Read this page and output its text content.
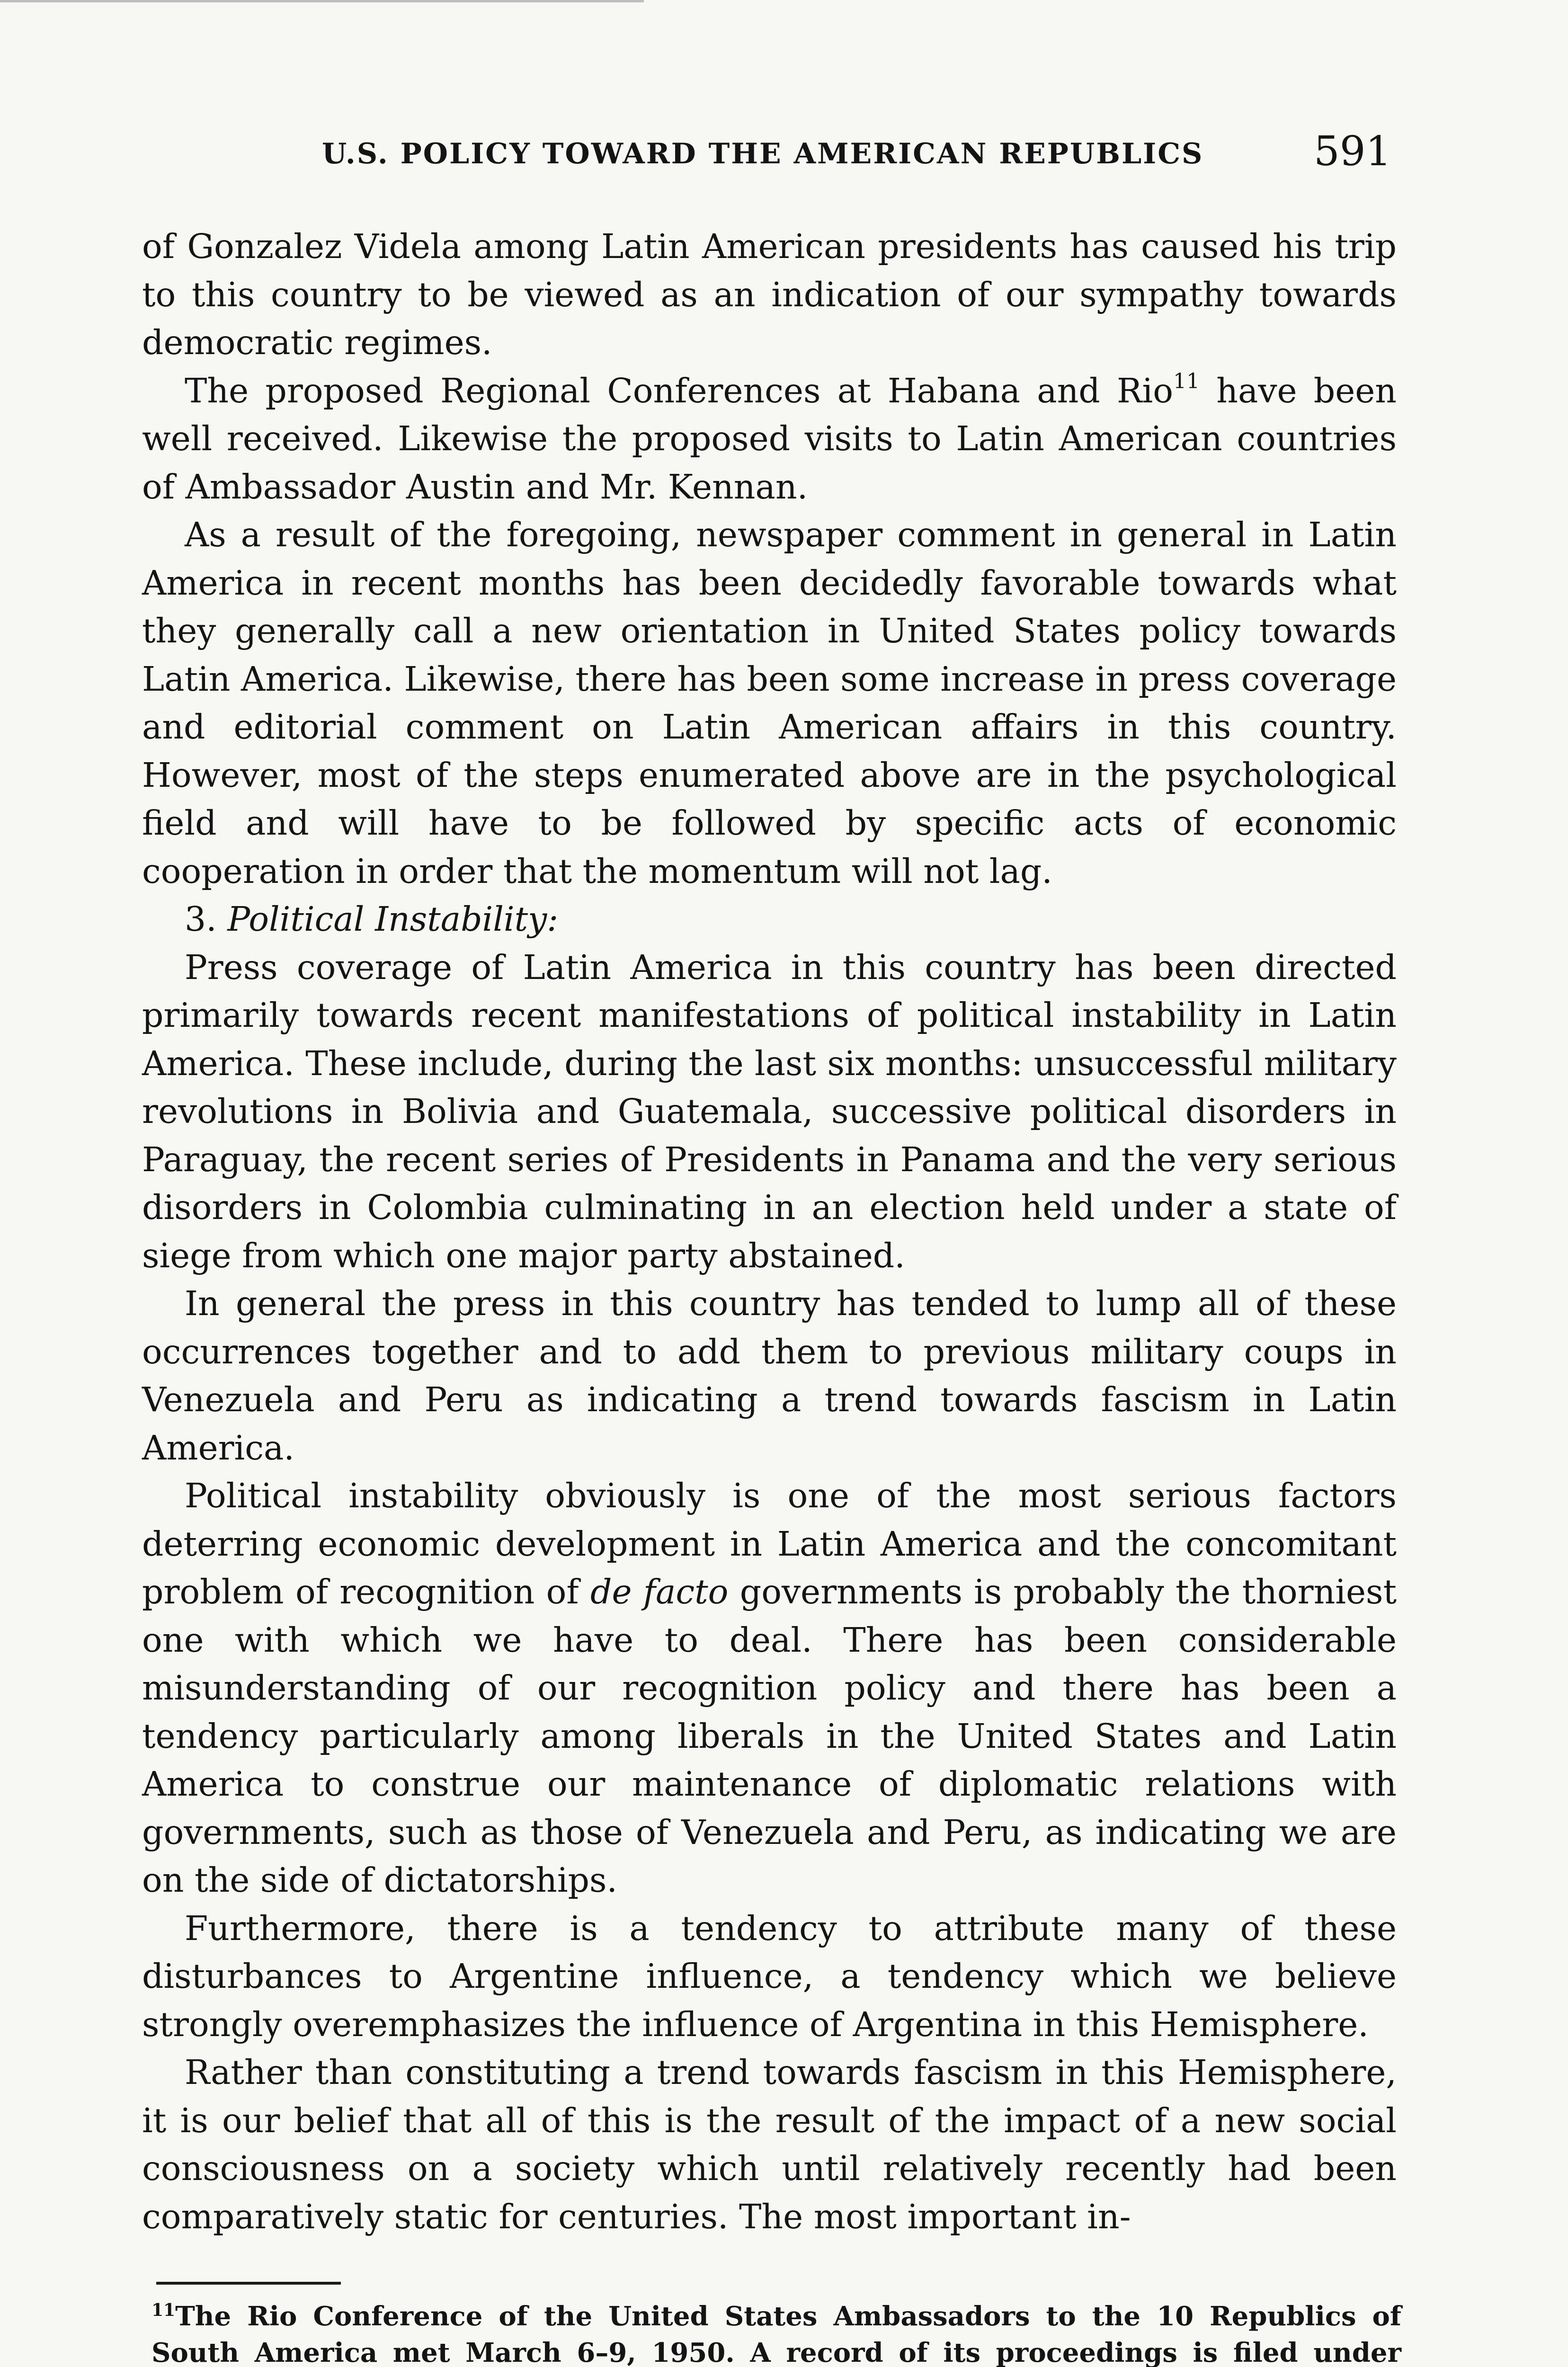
U.S. POLICY TOWARD THE AMERICAN REPUBLICS	591

of Gonzalez Videla among Latin American presidents has caused his trip to this country to be viewed as an indication of our sympathy towards democratic regimes.

The proposed Regional Conferences at Habana and Rio$^{11}$ have been well received. Likewise the proposed visits to Latin American countries of Ambassador Austin and Mr. Kennan.

As a result of the foregoing, newspaper comment in general in Latin America in recent months has been decidedly favorable towards what they generally call a new orientation in United States policy towards Latin America. Likewise, there has been some increase in press coverage and editorial comment on Latin American affairs in this country. However, most of the steps enumerated above are in the psychological field and will have to be followed by specific acts of economic cooperation in order that the momentum will not lag.

3. Political Instability:

Press coverage of Latin America in this country has been directed primarily towards recent manifestations of political instability in Latin America. These include, during the last six months: unsuccessful military revolutions in Bolivia and Guatemala, successive political disorders in Paraguay, the recent series of Presidents in Panama and the very serious disorders in Colombia culminating in an election held under a state of siege from which one major party abstained.

In general the press in this country has tended to lump all of these occurrences together and to add them to previous military coups in Venezuela and Peru as indicating a trend towards fascism in Latin America.

Political instability obviously is one of the most serious factors deterring economic development in Latin America and the concomitant problem of recognition of de facto governments is probably the thorniest one with which we have to deal. There has been considerable misunderstanding of our recognition policy and there has been a tendency particularly among liberals in the United States and Latin America to construe our maintenance of diplomatic relations with governments, such as those of Venezuela and Peru, as indicating we are on the side of dictatorships.

Furthermore, there is a tendency to attribute many of these disturbances to Argentine influence, a tendency which we believe strongly overemphasizes the influence of Argentina in this Hemisphere.

Rather than constituting a trend towards fascism in this Hemisphere, it is our belief that all of this is the result of the impact of a new social consciousness on a society which until relatively recently had been comparatively static for centuries. The most important in-

$^{11}$The Rio Conference of the United States Ambassadors to the 10 Republics of South America met March 6–9, 1950. A record of its proceedings is filed under
